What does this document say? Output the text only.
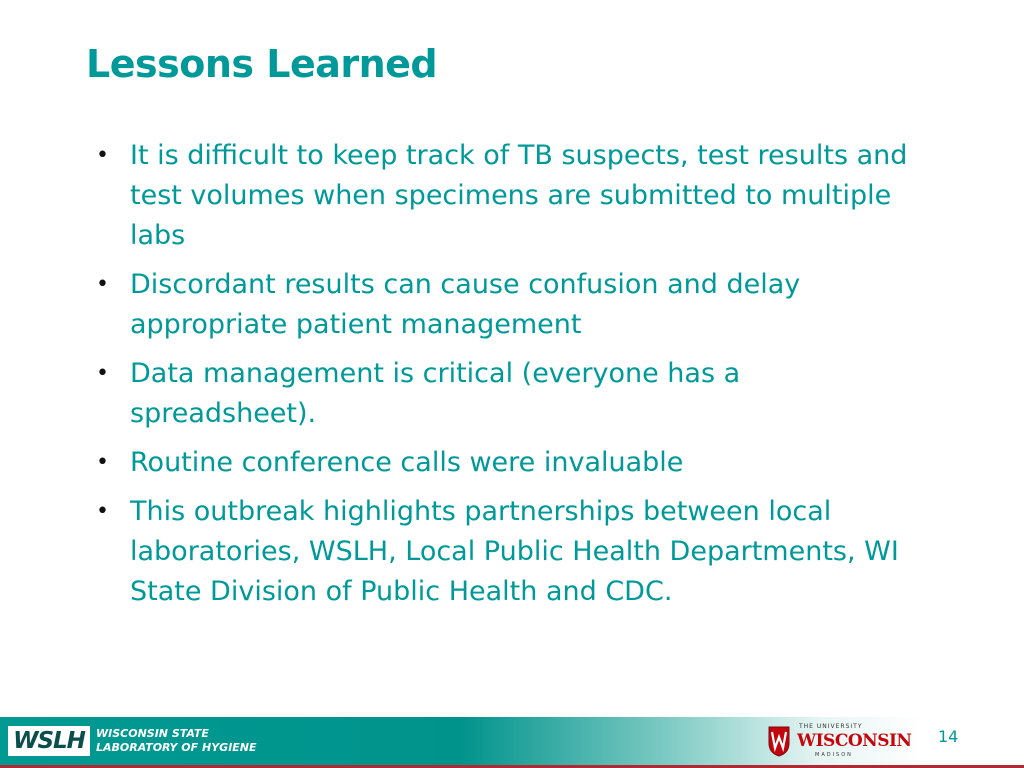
Lessons Learned
• It is difficult to keep track of TB suspects, test results and test volumes when specimens are submitted to multiple labs
• Discordant results can cause confusion and delay appropriate patient management
• Data management is critical (everyone has a spreadsheet).
• Routine conference calls were invaluable
• This outbreak highlights partnerships between local laboratories, WSLH, Local Public Health Departments, WI State Division of Public Health and CDC.
WSLH	WISCONSIN STATE
LABORATORY OF HYGIENE
THE UNIVERSITY
WISCONSIN
MADISON
14
